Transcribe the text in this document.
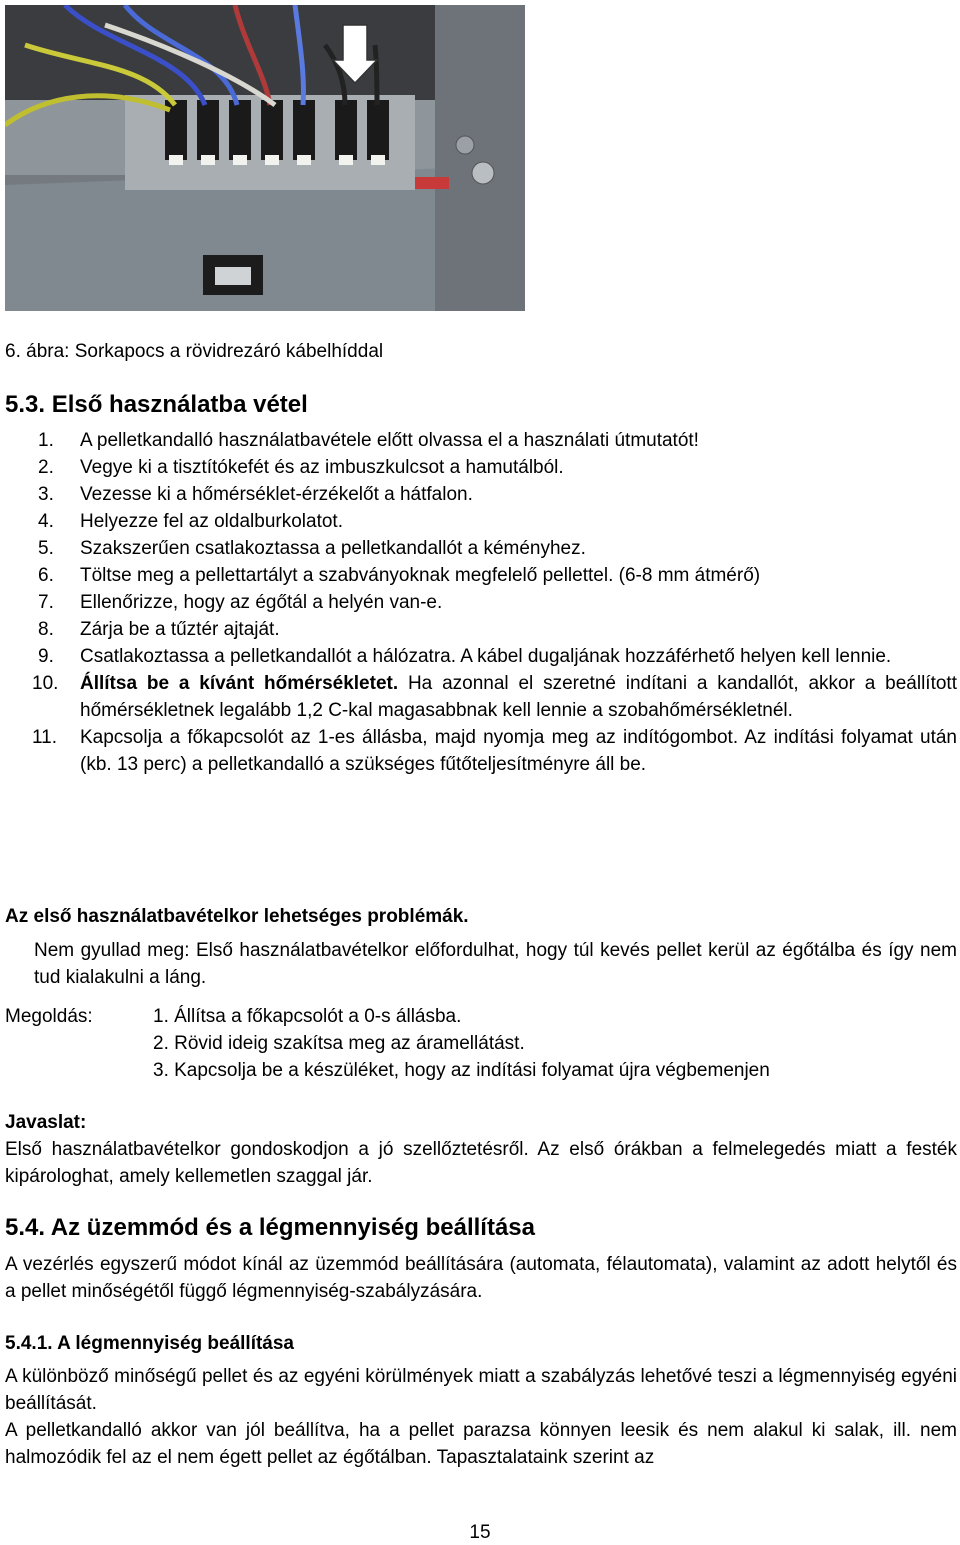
6. ábra: Sorkapocs a rövidrezáró kábelhíddal
5.3. Első használatba vétel
1.	A pelletkandalló használatbavétele előtt olvassa el a használati útmutatót!
2.	Vegye ki a tisztítókefét és az imbuszkulcsot a hamutálból.
3.	Vezesse ki a hőmérséklet-érzékelőt a hátfalon.
4.	Helyezze fel az oldalburkolatot.
5.	Szakszerűen csatlakoztassa a pelletkandallót a kéményhez.
6.	Töltse meg a pellettartályt a szabványoknak megfelelő pellettel. (6-8 mm átmérő)
7.	Ellenőrizze, hogy az égőtál a helyén van-e.
8.	Zárja be a tűztér ajtaját.
9.	Csatlakoztassa a pelletkandallót a hálózatra. A kábel dugaljának hozzáférhető helyen kell lennie.
10.	Állítsa be a kívánt hőmérsékletet. Ha azonnal el szeretné indítani a kandallót, akkor a beállított hőmérsékletnek legalább 1,2 C-kal magasabbnak kell lennie a szobahőmérsékletnél.
11.	Kapcsolja a főkapcsolót az 1-es állásba, majd nyomja meg az indítógombot. Az indítási folyamat után (kb. 13 perc) a pelletkandalló a szükséges fűtőteljesítményre áll be.
Az első használatbavételkor lehetséges problémák.
Nem gyullad meg: Első használatbavételkor előfordulhat, hogy túl kevés pellet kerül az égőtálba és így nem tud kialakulni a láng.
Megoldás:	1. Állítsa a főkapcsolót a 0-s állásba.
2. Rövid ideig szakítsa meg az áramellátást.
3. Kapcsolja be a készüléket, hogy az indítási folyamat újra végbemenjen
Javaslat:
Első használatbavételkor gondoskodjon a jó szellőztetésről. Az első órákban a felmelegedés miatt a festék kipárologhat, amely kellemetlen szaggal jár.
5.4. Az üzemmód és a légmennyiség beállítása
A vezérlés egyszerű módot kínál az üzemmód beállítására (automata, félautomata), valamint az adott helytől és a pellet minőségétől függő légmennyiség-szabályzására.
5.4.1. A légmennyiség beállítása
A különböző minőségű pellet és az egyéni körülmények miatt a szabályzás lehetővé teszi a légmennyiség egyéni beállítását.
A pelletkandalló akkor van jól beállítva, ha a pellet parazsa könnyen leesik és nem alakul ki salak, ill. nem halmozódik fel az el nem égett pellet az égőtálban. Tapasztalataink szerint az
15
